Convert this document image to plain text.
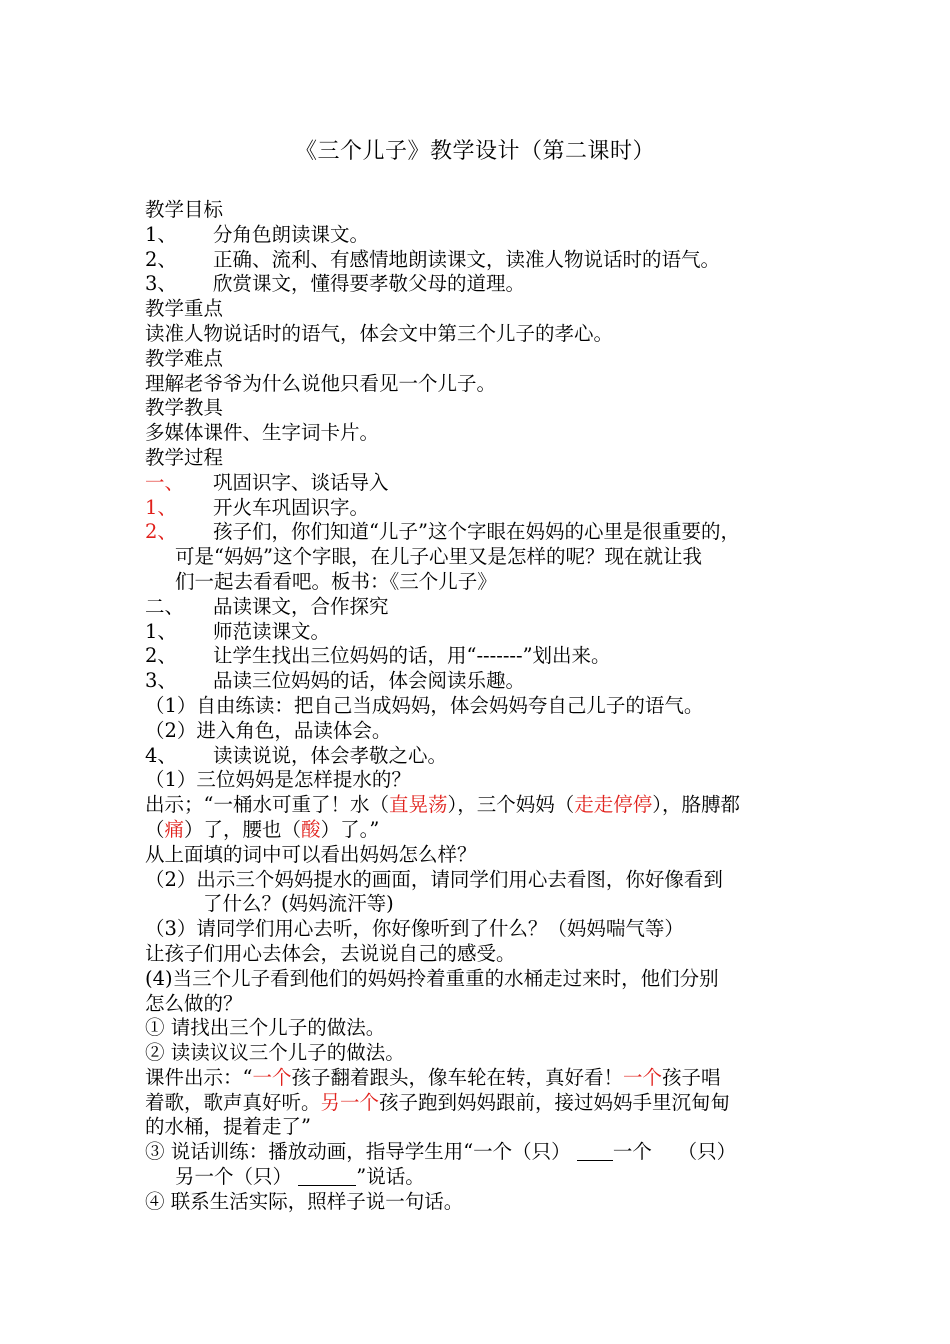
《三个儿子》教学设计（第二课时）
教学目标
1、 分角色朗读课文。
2、 正确、流利、有感情地朗读课文，读准人物说话时的语气。
3、 欣赏课文，懂得要孝敬父母的道理。
教学重点
读准人物说话时的语气，体会文中第三个儿子的孝心。
教学难点
理解老爷爷为什么说他只看见一个儿子。
教学教具
多媒体课件、生字词卡片。
教学过程
一、 巩固识字、谈话导入
1、 开火车巩固识字。
2、 孩子们，你们知道“儿子”这个字眼在妈妈的心里是很重要的，
可是“妈妈”这个字眼，在儿子心里又是怎样的呢？现在就让我
们一起去看看吧。板书：《三个儿子》
二、 品读课文，合作探究
1、 师范读课文。
2、 让学生找出三位妈妈的话，用“-------”划出来。
3、 品读三位妈妈的话，体会阅读乐趣。
（1）自由练读：把自己当成妈妈，体会妈妈夸自己儿子的语气。
（2）进入角色，品读体会。
4、 读读说说，体会孝敬之心。
（1）三位妈妈是怎样提水的？
出示；“一桶水可重了！水（直晃荡），三个妈妈（走走停停），胳膊都
（痛）了，腰也（酸）了。”
从上面填的词中可以看出妈妈怎么样？
（2）出示三个妈妈提水的画面，请同学们用心去看图，你好像看到
了什么？(妈妈流汗等)
（3）请同学们用心去听，你好像听到了什么？（妈妈喘气等）
让孩子们用心去体会，去说说自己的感受。
(4)当三个儿子看到他们的妈妈拎着重重的水桶走过来时，他们分别
怎么做的？
① 请找出三个儿子的做法。
② 读读议议三个儿子的做法。
课件出示：“一个孩子翻着跟头，像车轮在转，真好看！一个孩子唱
着歌，歌声真好听。另一个孩子跑到妈妈跟前，接过妈妈手里沉甸甸
的水桶，提着走了”
③ 说话训练：播放动画，指导学生用“一个（只） 一个　 （只）
另一个（只）	”说话。
④ 联系生活实际，照样子说一句话。
